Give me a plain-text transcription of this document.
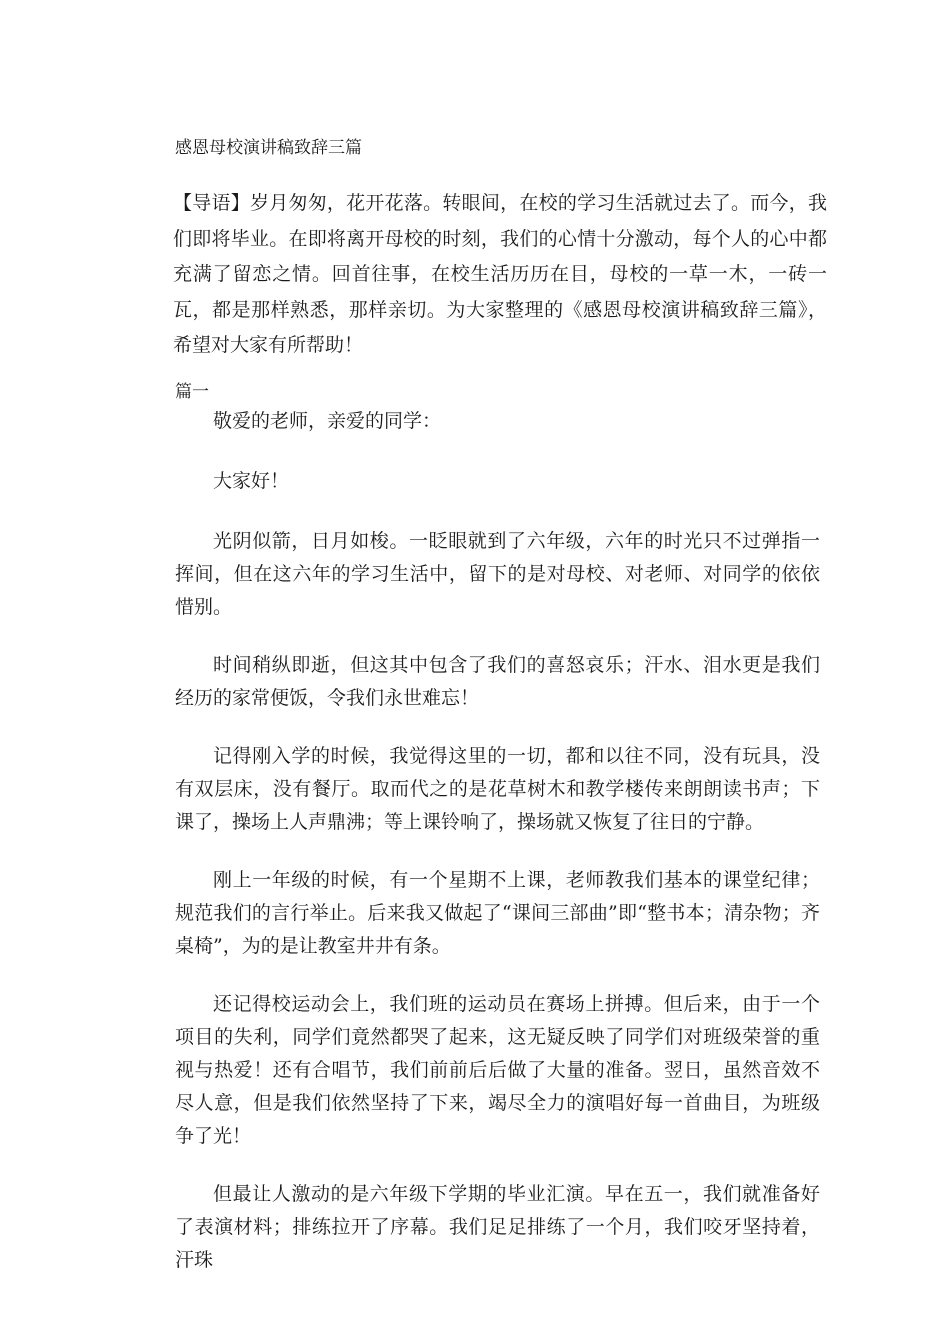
感恩母校演讲稿致辞三篇
【导语】岁月匆匆，花开花落。转眼间，在校的学习生活就过去了。而今，我们即将毕业。在即将离开母校的时刻，我们的心情十分激动，每个人的心中都充满了留恋之情。回首往事，在校生活历历在目，母校的一草一木，一砖一瓦，都是那样熟悉，那样亲切。为大家整理的《感恩母校演讲稿致辞三篇》，希望对大家有所帮助！
篇一

敬爱的老师，亲爱的同学：

大家好！

光阴似箭，日月如梭。一眨眼就到了六年级，六年的时光只不过弹指一挥间，但在这六年的学习生活中，留下的是对母校、对老师、对同学的依依惜别。

时间稍纵即逝，但这其中包含了我们的喜怒哀乐；汗水、泪水更是我们经历的家常便饭，令我们永世难忘！

记得刚入学的时候，我觉得这里的一切，都和以往不同，没有玩具，没有双层床，没有餐厅。取而代之的是花草树木和教学楼传来朗朗读书声；下课了，操场上人声鼎沸；等上课铃响了，操场就又恢复了往日的宁静。

刚上一年级的时候，有一个星期不上课，老师教我们基本的课堂纪律；规范我们的言行举止。后来我又做起了“课间三部曲”即“整书本；清杂物；齐桌椅”，为的是让教室井井有条。

还记得校运动会上，我们班的运动员在赛场上拼搏。但后来，由于一个项目的失利，同学们竟然都哭了起来，这无疑反映了同学们对班级荣誉的重视与热爱！还有合唱节，我们前前后后做了大量的准备。翌日，虽然音效不尽人意，但是我们依然坚持了下来，竭尽全力的演唱好每一首曲目，为班级争了光！

但最让人激动的是六年级下学期的毕业汇演。早在五一，我们就准备好了表演材料；排练拉开了序幕。我们足足排练了一个月，我们咬牙坚持着，汗珠
